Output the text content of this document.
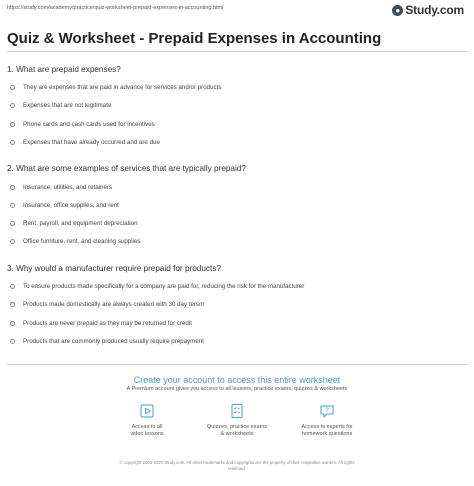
https://study.com/academy/practice/quiz-worksheet-prepaid-expenses-in-accounting.html	● Study.com
Quiz & Worksheet - Prepaid Expenses in Accounting
1. What are prepaid expenses?
They are expenses that are paid in advance for services and/or products
Expenses that are not legitimate
Phone cards and cash cards used for incentives
Expenses that have already occurred and are due
2. What are some examples of services that are typically prepaid?
Insurance, utilities, and retainers
Insurance, office supplies, and rent
Rent, payroll, and equipment depreciation
Office furniture, rent, and cleaning supplies
3. Why would a manufacturer require prepaid for products?
To ensure products made specifically for a company are paid for, reducing the risk for the manufacturer
Products made domestically are always created with 30 day tersm
Products are never prepaid as they may be returned for credit
Products that are commonly produced usually require prepayment
Create your account to access this entire worksheet
A Premium account gives you access to all lessons, practice exams, quizzes & worksheets
Access to all
video lessons
Quizzes, practice exams
& worksheets
?
Access to experts for
homework questions
© copyright 2003-2020 Study.com. All other trademarks and copyrights are the property of their respective owners. All rights
reserved.
